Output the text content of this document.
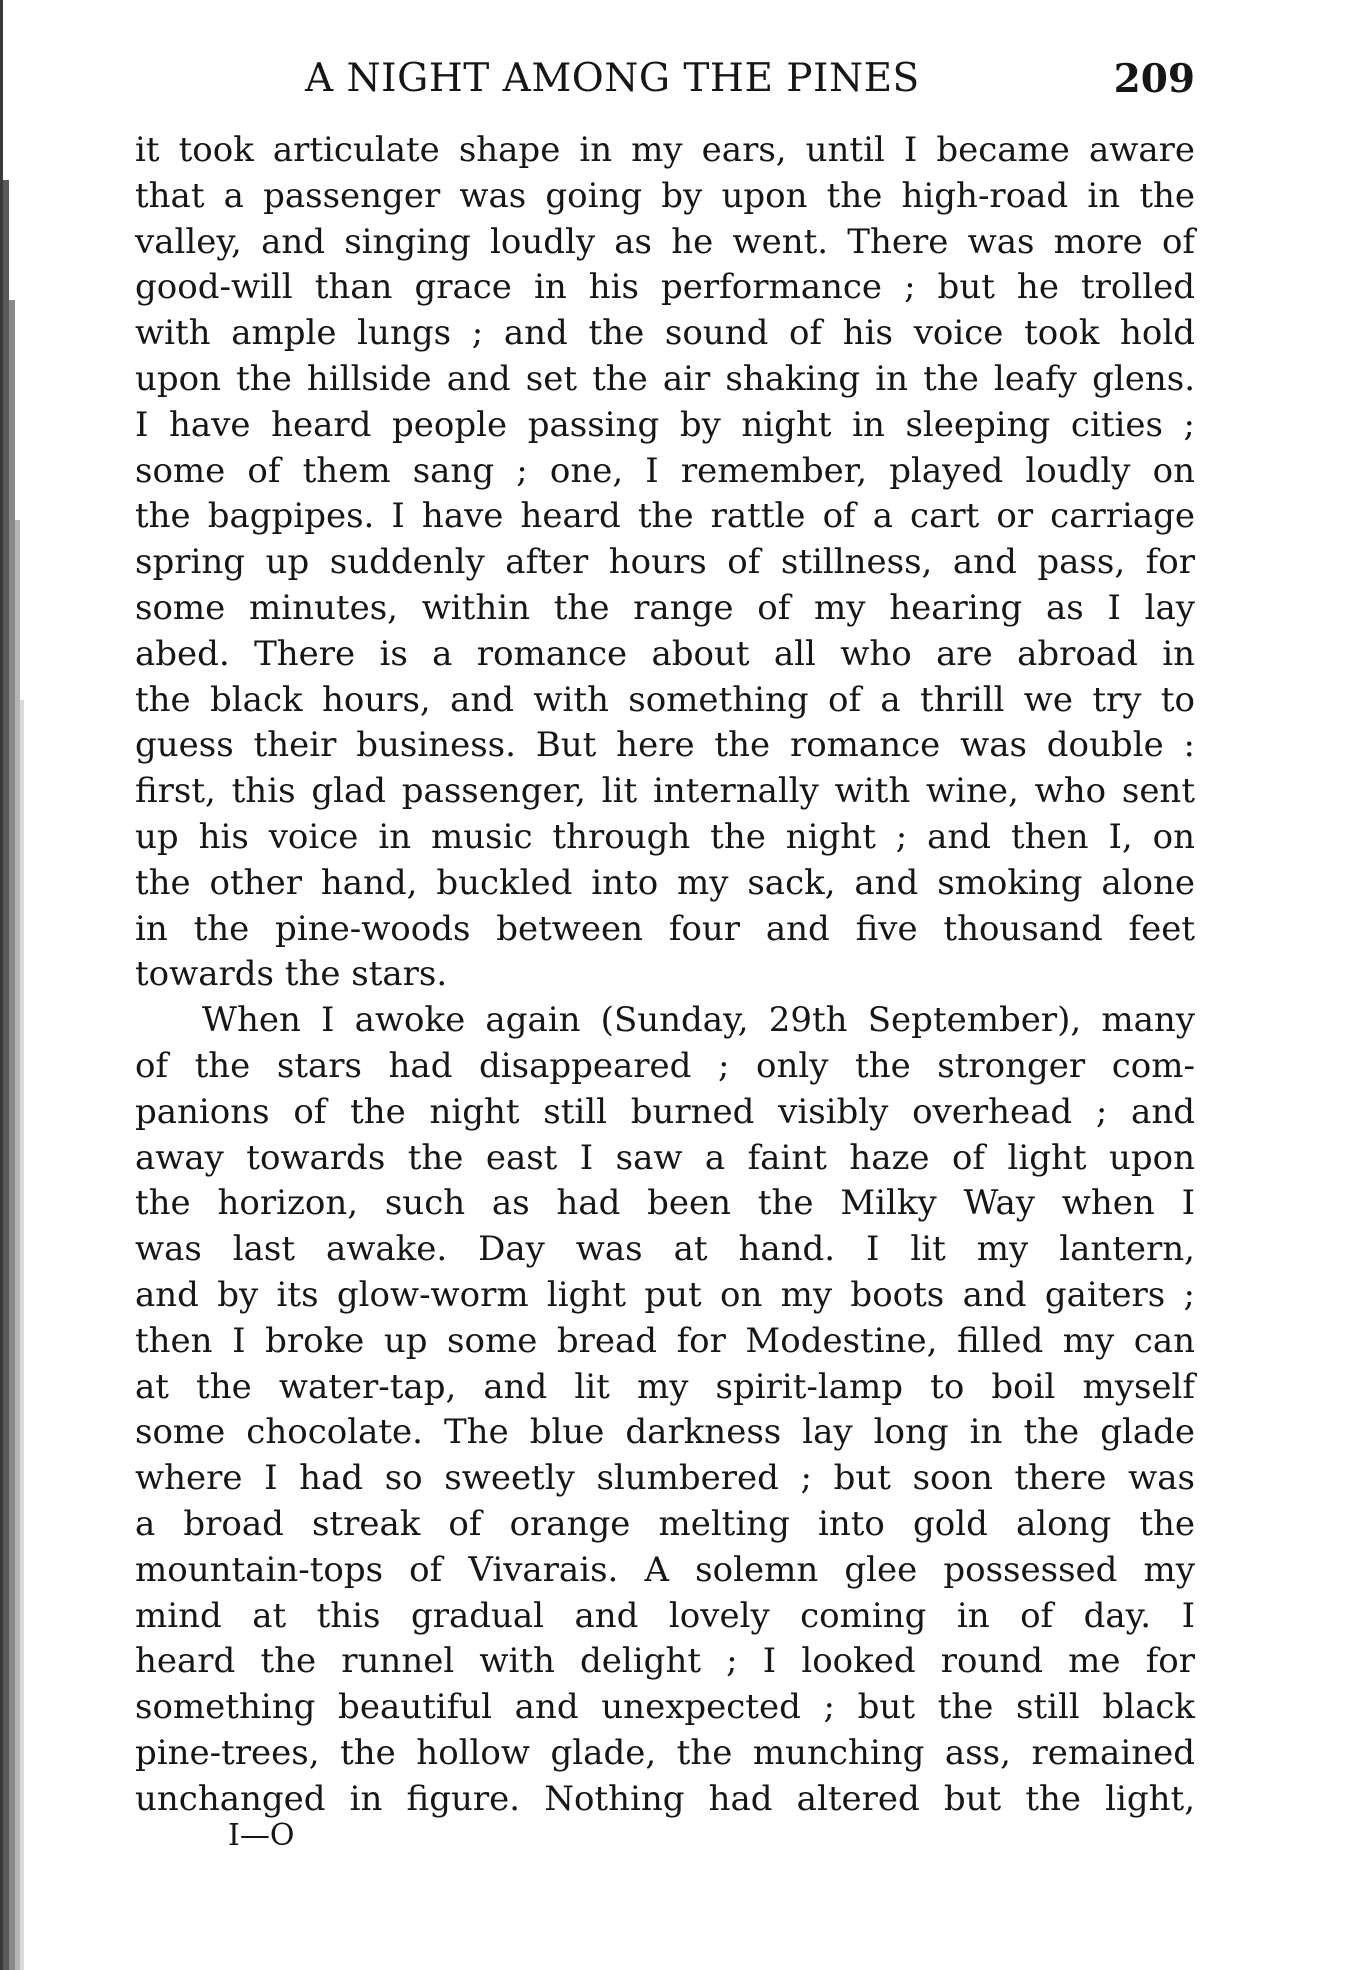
A NIGHT AMONG THE PINES	209
it took articulate shape in my ears, until I became aware
that a passenger was going by upon the high-road in the
valley, and singing loudly as he went. There was more of
good-will than grace in his performance ; but he trolled
with ample lungs ; and the sound of his voice took hold
upon the hillside and set the air shaking in the leafy glens.
I have heard people passing by night in sleeping cities ;
some of them sang ; one, I remember, played loudly on
the bagpipes. I have heard the rattle of a cart or carriage
spring up suddenly after hours of stillness, and pass, for
some minutes, within the range of my hearing as I lay
abed. There is a romance about all who are abroad in
the black hours, and with something of a thrill we try to
guess their business. But here the romance was double :
first, this glad passenger, lit internally with wine, who sent
up his voice in music through the night ; and then I, on
the other hand, buckled into my sack, and smoking alone
in the pine-woods between four and five thousand feet
towards the stars.
When I awoke again (Sunday, 29th September), many
of the stars had disappeared ; only the stronger com-
panions of the night still burned visibly overhead ; and
away towards the east I saw a faint haze of light upon
the horizon, such as had been the Milky Way when I
was last awake. Day was at hand. I lit my lantern,
and by its glow-worm light put on my boots and gaiters ;
then I broke up some bread for Modestine, filled my can
at the water-tap, and lit my spirit-lamp to boil myself
some chocolate. The blue darkness lay long in the glade
where I had so sweetly slumbered ; but soon there was
a broad streak of orange melting into gold along the
mountain-tops of Vivarais. A solemn glee possessed my
mind at this gradual and lovely coming in of day. I
heard the runnel with delight ; I looked round me for
something beautiful and unexpected ; but the still black
pine-trees, the hollow glade, the munching ass, remained
unchanged in figure. Nothing had altered but the light,
I—O
